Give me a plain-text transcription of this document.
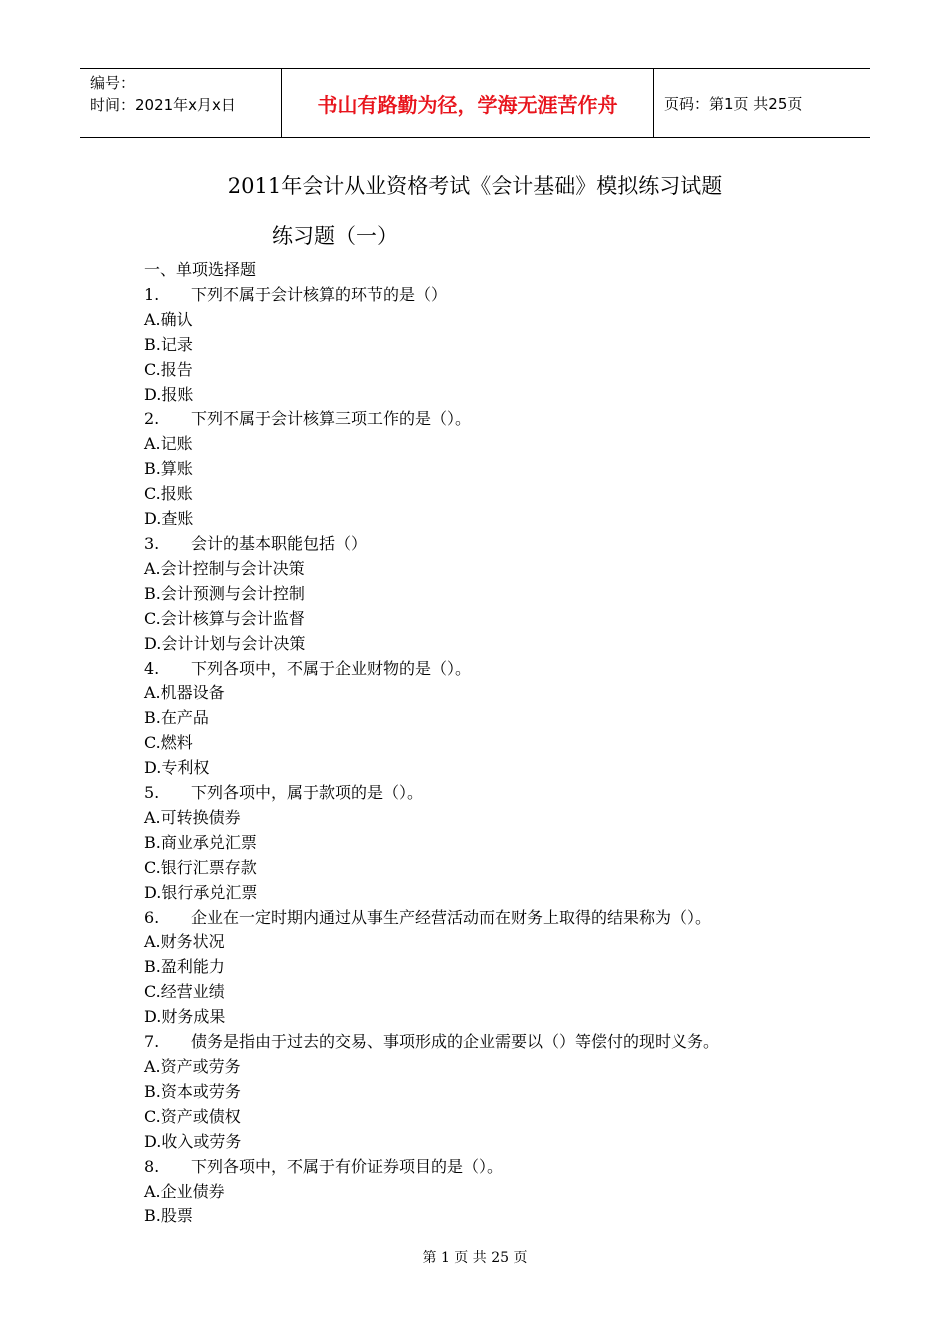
编号：
时间：2021年x月x日	书山有路勤为径，学海无涯苦作舟	页码：第1页 共25页
2011年会计从业资格考试《会计基础》模拟练习试题
练习题（一）
一、单项选择题
1. 下列不属于会计核算的环节的是（）
A.确认
B.记录
C.报告
D.报账
2. 下列不属于会计核算三项工作的是（）。
A.记账
B.算账
C.报账
D.查账
3. 会计的基本职能包括（）
A.会计控制与会计决策
B.会计预测与会计控制
C.会计核算与会计监督
D.会计计划与会计决策
4. 下列各项中，不属于企业财物的是（）。
A.机器设备
B.在产品
C.燃料
D.专利权
5. 下列各项中，属于款项的是（）。
A.可转换债券
B.商业承兑汇票
C.银行汇票存款
D.银行承兑汇票
6. 企业在一定时期内通过从事生产经营活动而在财务上取得的结果称为（）。
A.财务状况
B.盈利能力
C.经营业绩
D.财务成果
7. 债务是指由于过去的交易、事项形成的企业需要以（）等偿付的现时义务。
A.资产或劳务
B.资本或劳务
C.资产或债权
D.收入或劳务
8. 下列各项中，不属于有价证券项目的是（）。
A.企业债券
B.股票
第 1 页 共 25 页
